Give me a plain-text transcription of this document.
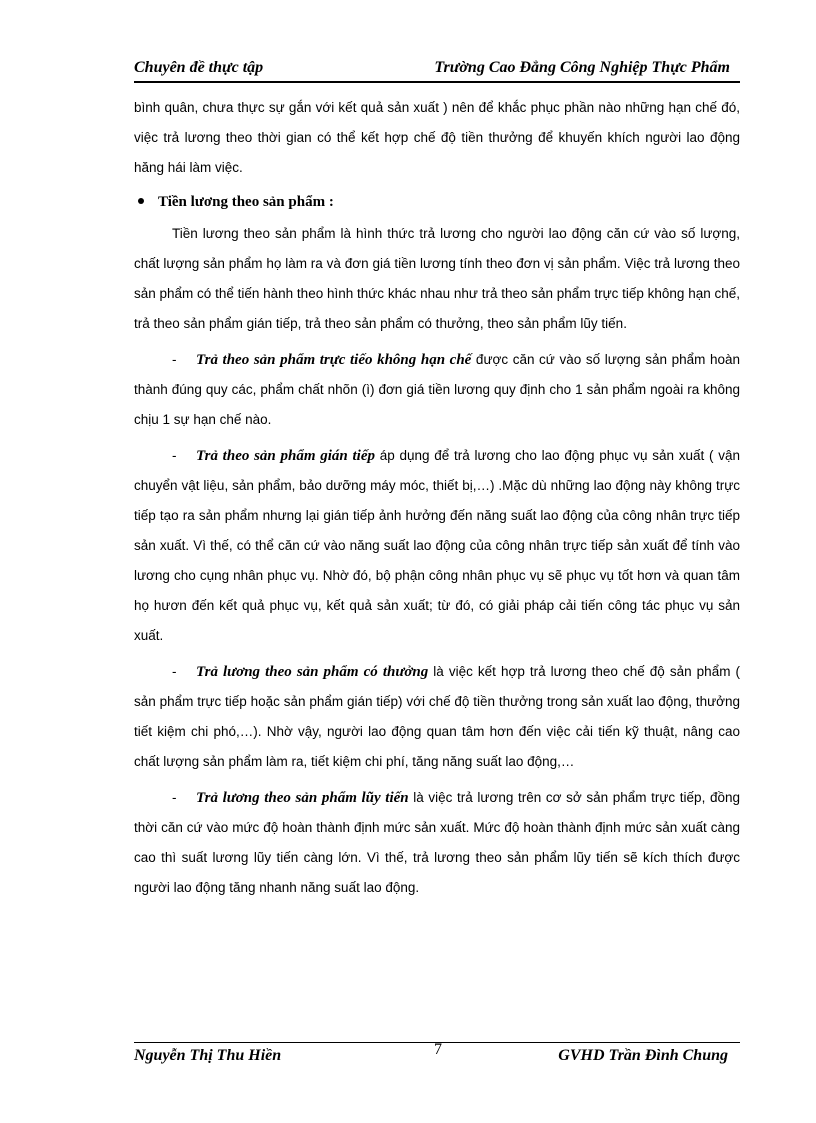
Chuyên đề thực tập	Trường Cao Đẳng Công Nghiệp Thực Phẩm

bình quân, chưa thực sự gắn với kết quả sản xuất ) nên để khắc phục phần nào những hạn chế đó, việc trả lương theo thời gian có thể kết hợp chế độ tiền thưởng để khuyến khích người lao động hăng hái làm việc.

Tiền lương theo sản phẩm :

Tiền lương theo sản phẩm là hình thức trả lương cho người lao động căn cứ vào số lượng, chất lượng sản phẩm họ làm ra và đơn giá tiền lương tính theo đơn vị sản phẩm. Việc trả lương theo sản phẩm có thể tiến hành theo hình thức khác nhau như trả theo sản phẩm trực tiếp không hạn chế, trả theo sản phẩm gián tiếp, trả theo sản phẩm có thưởng, theo sản phẩm lũy tiến.

- Trả theo sản phẩm trực tiếo không hạn chế được căn cứ vào số lượng sản phẩm hoàn thành đúng quy các, phẩm chất nhõn (ì) đơn giá tiền lương quy định cho 1 sản phẩm ngoài ra không chịu 1 sự hạn chế nào.

- Trả theo sản phẩm gián tiếp áp dụng để trả lương cho lao động phục vụ sản xuất ( vận chuyển vật liệu, sản phẩm, bảo dưỡng máy móc, thiết bị,…) .Mặc dù những lao động này không trực tiếp tạo ra sản phẩm nhưng lại gián tiếp ảnh hưởng đến năng suất lao động của công nhân trực tiếp sản xuất. Vì thế, có thể căn cứ vào năng suất lao động của công nhân trực tiếp sản xuất để tính vào lương cho cụng nhân phục vụ. Nhờ đó, bộ phận công nhân phục vụ sẽ phục vụ tốt hơn và quan tâm họ hươn đến kết quả phục vụ, kết quả sản xuất; từ đó, có giải pháp cải tiến công tác phục vụ sản xuất.

- Trả lương theo sản phẩm có thưởng là việc kết hợp trả lương theo chế độ sản phẩm ( sản phẩm trực tiếp hoặc sản phẩm gián tiếp) với chế độ tiền thưởng trong sản xuất lao động, thưởng tiết kiệm chi phó,…). Nhờ vậy, người lao động quan tâm hơn đến việc cải tiến kỹ thuật, nâng cao chất lượng sản phẩm làm ra, tiết kiệm chi phí, tăng năng suất lao động,…

- Trả lương theo sản phẩm lũy tiến là việc trả lương trên cơ sở sản phẩm trực tiếp, đồng thời căn cứ vào mức độ hoàn thành định mức sản xuất. Mức độ hoàn thành định mức sản xuất càng cao thì suất lương lũy tiến càng lớn. Vì thế, trả lương theo sản phẩm lũy tiến sẽ kích thích được người lao động tăng nhanh năng suất lao động.

Nguyễn Thị Thu Hiền	7	GVHD Trần Đình Chung
